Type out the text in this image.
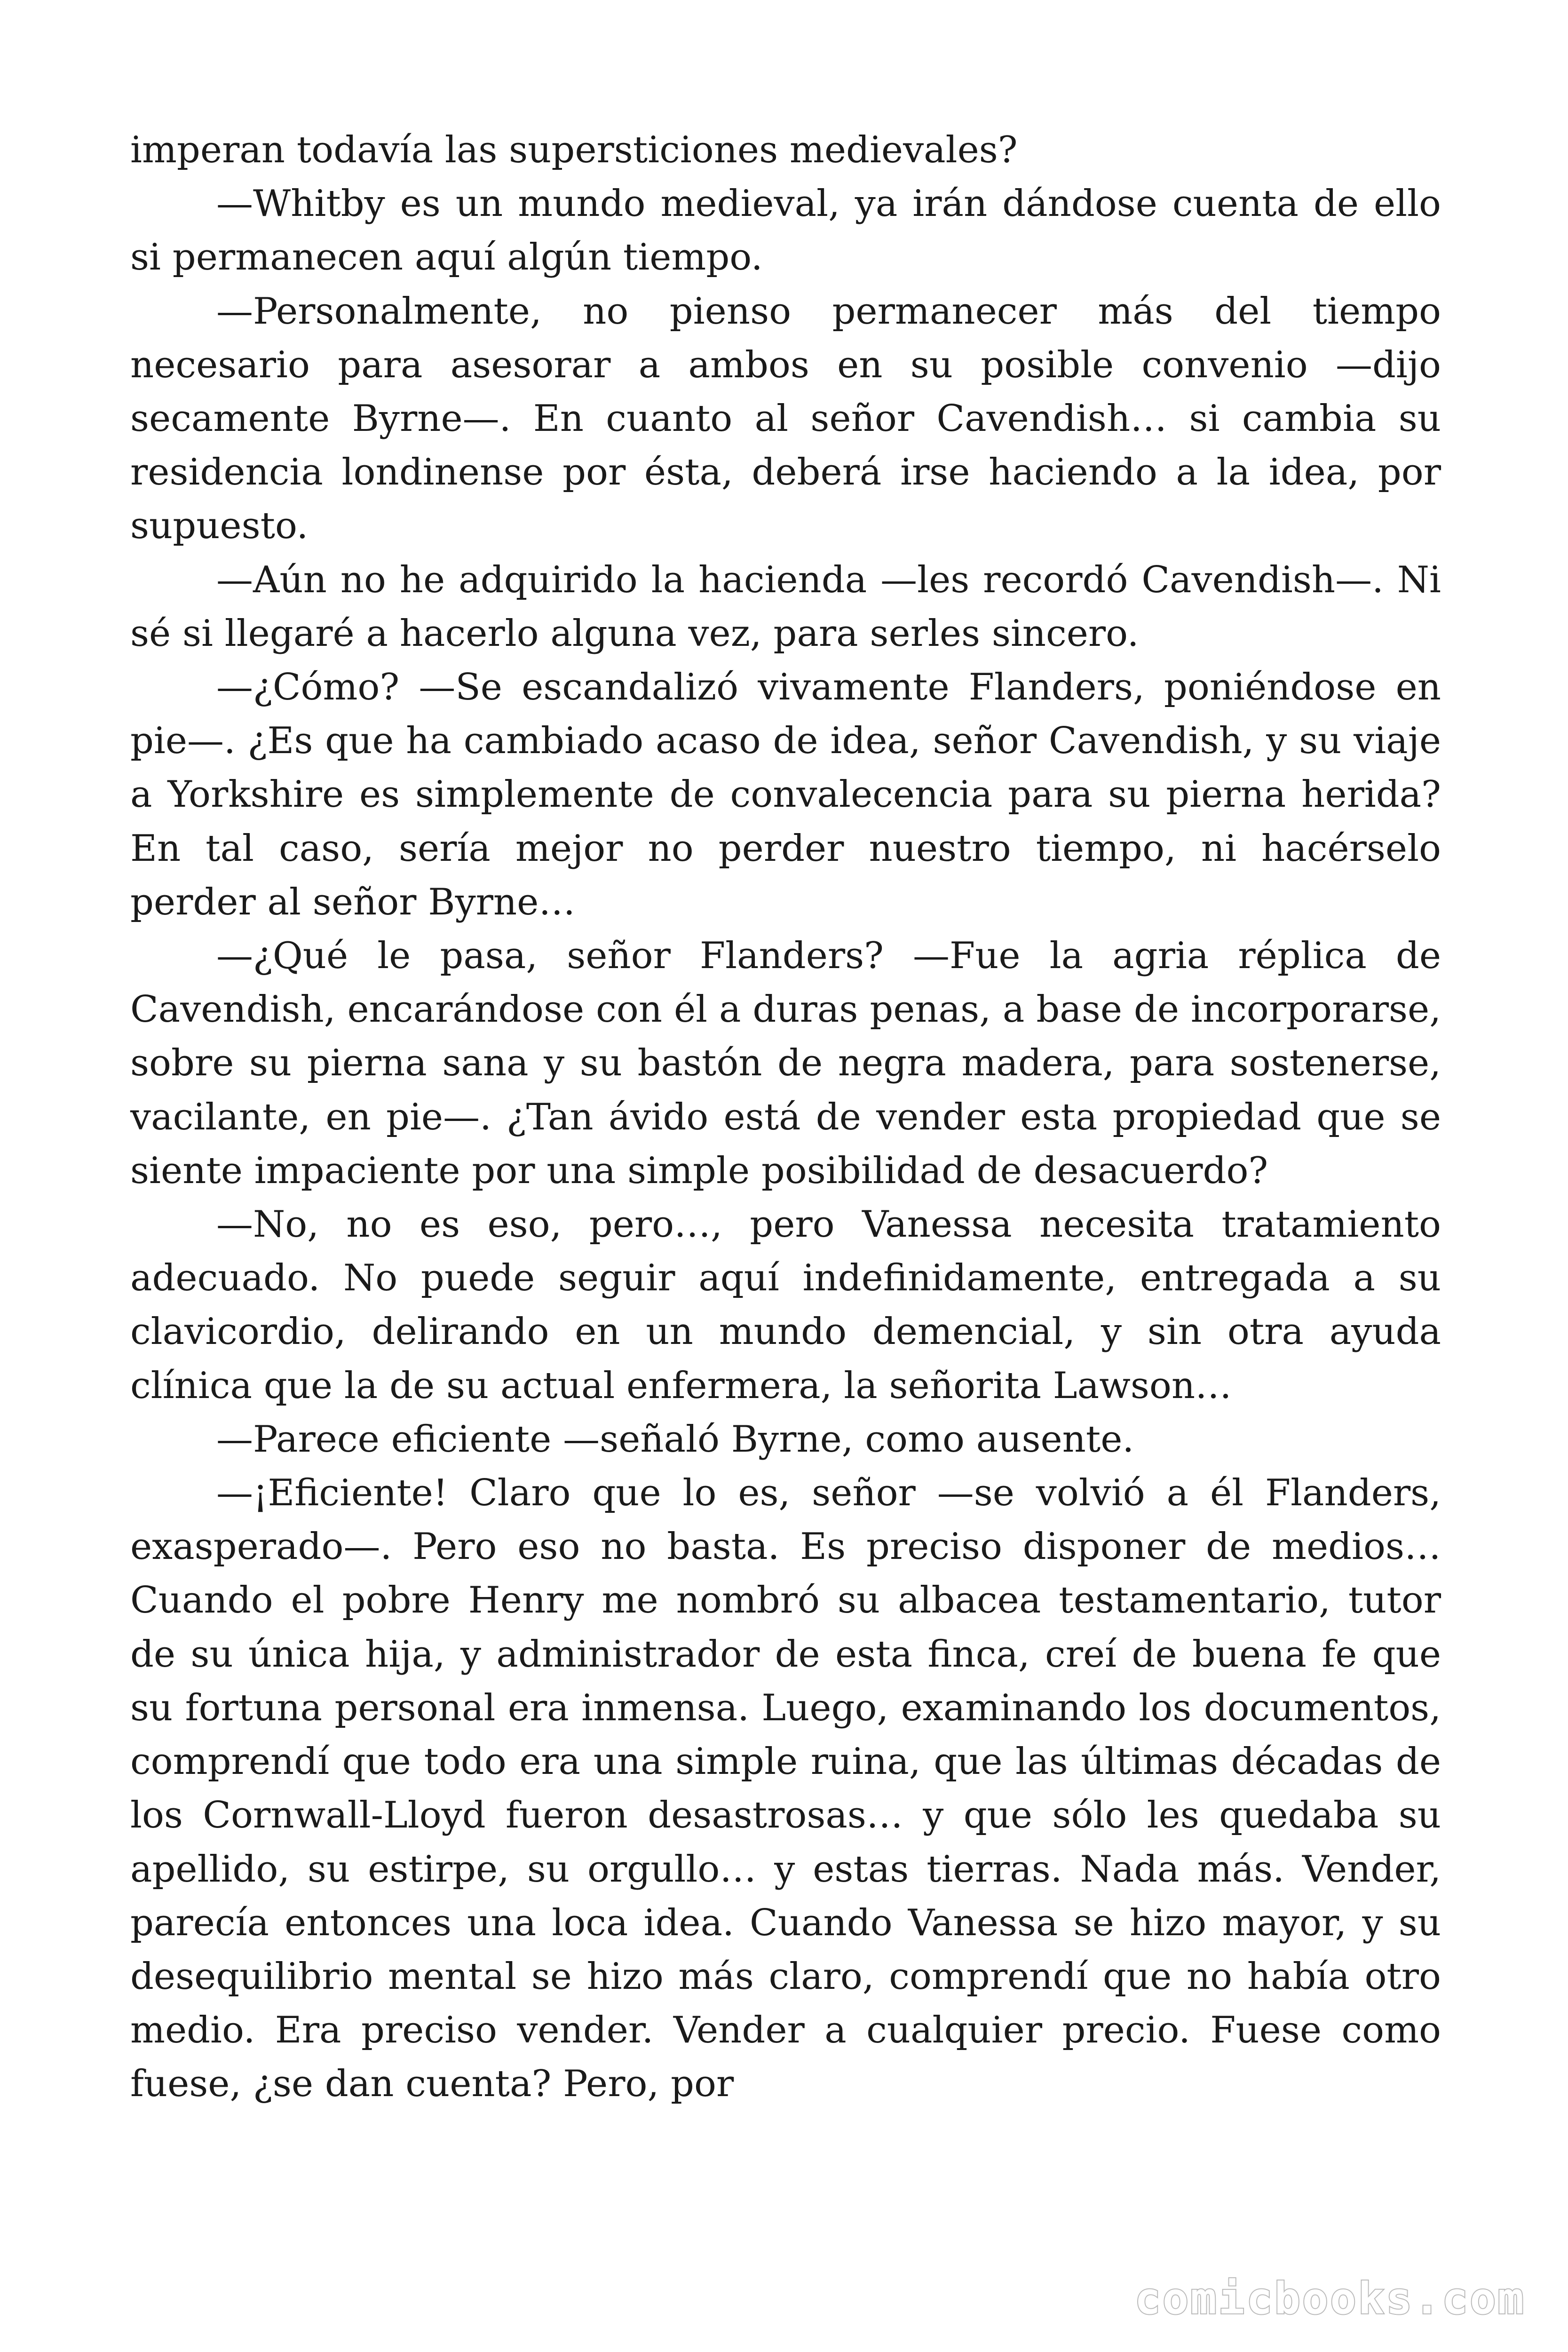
imperan todavía las supersticiones medievales?

—Whitby es un mundo medieval, ya irán dándose cuenta de ello si permanecen aquí algún tiempo.

—Personalmente, no pienso permanecer más del tiempo necesario para asesorar a ambos en su posible convenio —dijo secamente Byrne—. En cuanto al señor Cavendish… si cambia su residencia londinense por ésta, deberá irse haciendo a la idea, por supuesto.

—Aún no he adquirido la hacienda —les recordó Cavendish—. Ni sé si llegaré a hacerlo alguna vez, para serles sincero.

—¿Cómo? —Se escandalizó vivamente Flanders, poniéndose en pie—. ¿Es que ha cambiado acaso de idea, señor Cavendish, y su viaje a Yorkshire es simplemente de convalecencia para su pierna herida? En tal caso, sería mejor no perder nuestro tiempo, ni hacérselo perder al señor Byrne…

—¿Qué le pasa, señor Flanders? —Fue la agria réplica de Cavendish, encarándose con él a duras penas, a base de incorporarse, sobre su pierna sana y su bastón de negra madera, para sostenerse, vacilante, en pie—. ¿Tan ávido está de vender esta propiedad que se siente impaciente por una simple posibilidad de desacuerdo?

—No, no es eso, pero…, pero Vanessa necesita tratamiento adecuado. No puede seguir aquí indefinidamente, entregada a su clavicordio, delirando en un mundo demencial, y sin otra ayuda clínica que la de su actual enfermera, la señorita Lawson…

—Parece eficiente —señaló Byrne, como ausente.

—¡Eficiente! Claro que lo es, señor —se volvió a él Flanders, exasperado—. Pero eso no basta. Es preciso disponer de medios… Cuando el pobre Henry me nombró su albacea testamentario, tutor de su única hija, y administrador de esta finca, creí de buena fe que su fortuna personal era inmensa. Luego, examinando los documentos, comprendí que todo era una simple ruina, que las últimas décadas de los Cornwall-Lloyd fueron desastrosas… y que sólo les quedaba su apellido, su estirpe, su orgullo… y estas tierras. Nada más. Vender, parecía entonces una loca idea. Cuando Vanessa se hizo mayor, y su desequilibrio mental se hizo más claro, comprendí que no había otro medio. Era preciso vender. Vender a cualquier precio. Fuese como fuese, ¿se dan cuenta? Pero, por

comicbooks.com
